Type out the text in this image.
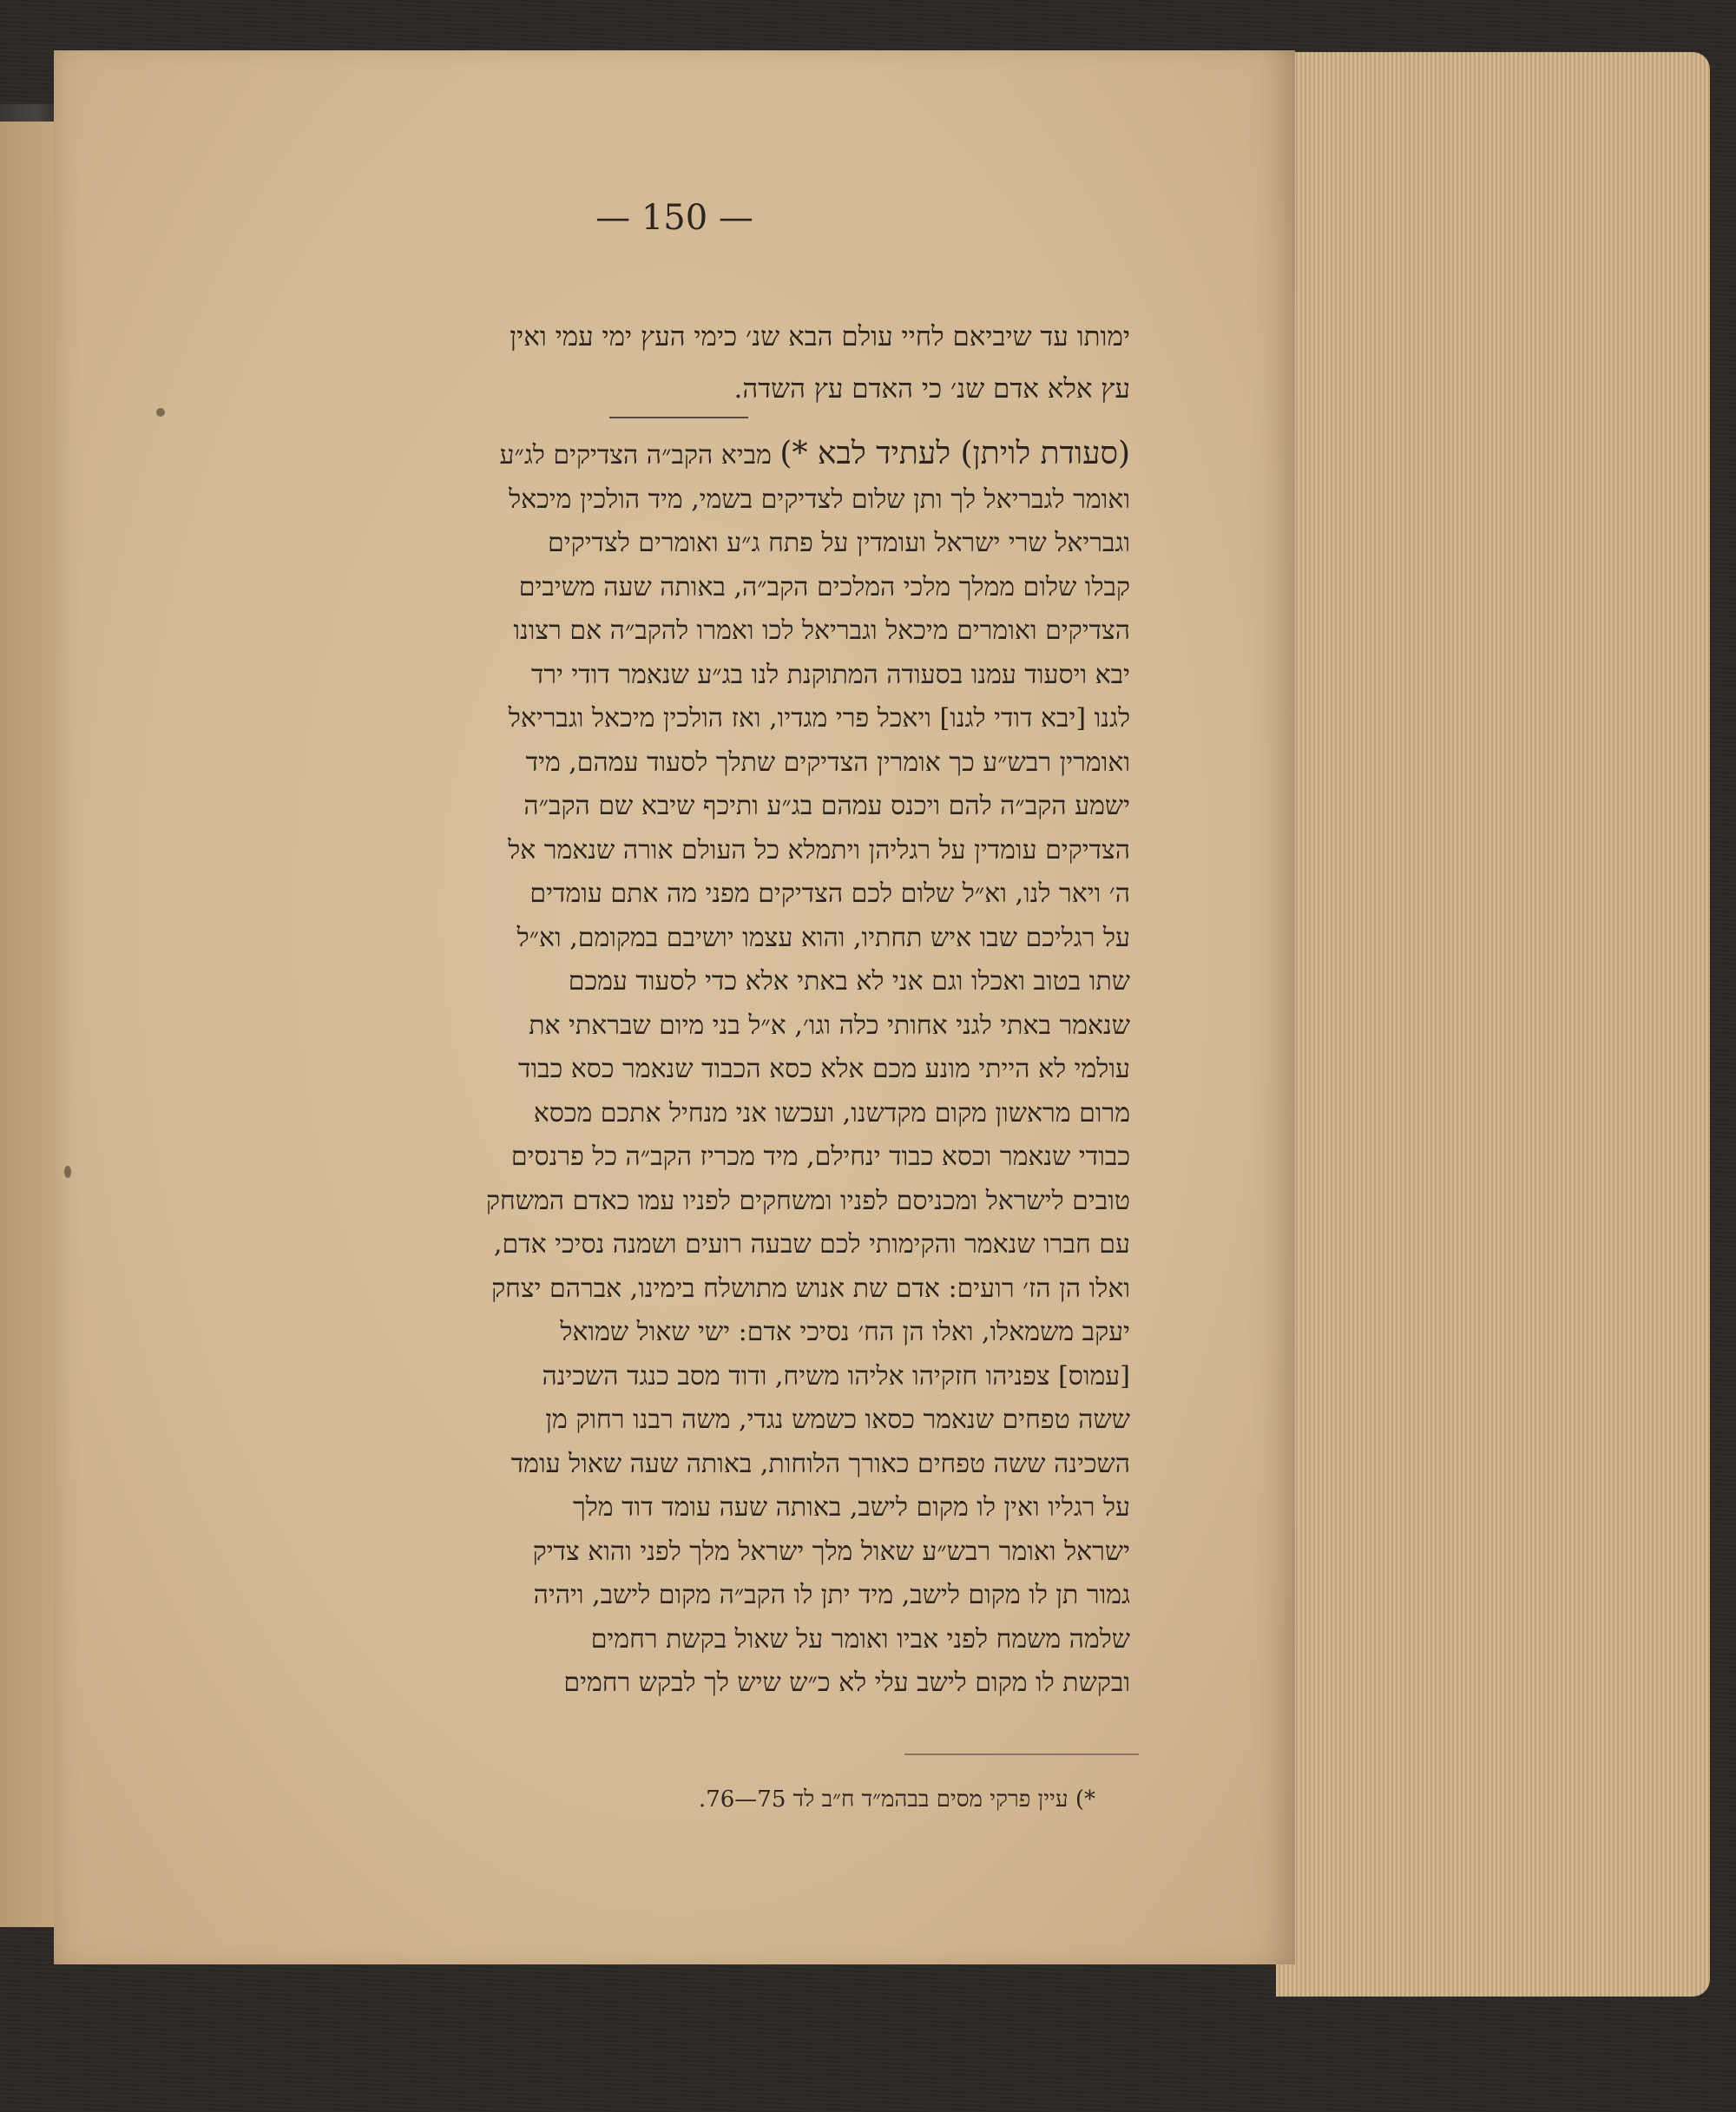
— 150 —
ימותו עד שיביאם לחיי עולם הבא שנ׳ כימי העץ ימי עמי ואין
עץ אלא אדם שנ׳ כי האדם עץ השדה.
(סעודת לויתן) לעתיד לבא *) מביא הקב״ה הצדיקים לג״ע
ואומר לגבריאל לך ותן שלום לצדיקים בשמי, מיד הולכין מיכאל
וגבריאל שרי ישראל ועומדין על פתח ג״ע ואומרים לצדיקים
קבלו שלום ממלך מלכי המלכים הקב״ה, באותה שעה משיבים
הצדיקים ואומרים מיכאל וגבריאל לכו ואמרו להקב״ה אם רצונו
יבא ויסעוד עמנו בסעודה המתוקנת לנו בג״ע שנאמר דודי ירד
לגנו [יבא דודי לגנו] ויאכל פרי מגדיו, ואז הולכין מיכאל וגבריאל
ואומרין רבש״ע כך אומרין הצדיקים שתלך לסעוד עמהם, מיד
ישמע הקב״ה להם ויכנס עמהם בג״ע ותיכף שיבא שם הקב״ה
הצדיקים עומדין על רגליהן ויתמלא כל העולם אורה שנאמר אל
ה׳ ויאר לנו, וא״ל שלום לכם הצדיקים מפני מה אתם עומדים
על רגליכם שבו איש תחתיו, והוא עצמו יושיבם במקומם, וא״ל
שתו בטוב ואכלו וגם אני לא באתי אלא כדי לסעוד עמכם
שנאמר באתי לגני אחותי כלה וגו׳, א״ל בני מיום שבראתי את
עולמי לא הייתי מונע מכם אלא כסא הכבוד שנאמר כסא כבוד
מרום מראשון מקום מקדשנו, ועכשו אני מנחיל אתכם מכסא
כבודי שנאמר וכסא כבוד ינחילם, מיד מכריז הקב״ה כל פרנסים
טובים לישראל ומכניסם לפניו ומשחקים לפניו עמו כאדם המשחק
עם חברו שנאמר והקימותי לכם שבעה רועים ושמנה נסיכי אדם,
ואלו הן הז׳ רועים: אדם שת אנוש מתושלח בימינו, אברהם יצחק
יעקב משמאלו, ואלו הן הח׳ נסיכי אדם: ישי שאול שמואל
[עמוס] צפניהו חזקיהו אליהו משיח, ודוד מסב כנגד השכינה
ששה טפחים שנאמר כסאו כשמש נגדי, משה רבנו רחוק מן
השכינה ששה טפחים כאורך הלוחות, באותה שעה שאול עומד
על רגליו ואין לו מקום לישב, באותה שעה עומד דוד מלך
ישראל ואומר רבש״ע שאול מלך ישראל מלך לפני והוא צדיק
גמור תן לו מקום לישב, מיד יתן לו הקב״ה מקום לישב, ויהיה
שלמה משמח לפני אביו ואומר על שאול בקשת רחמים
ובקשת לו מקום לישב עלי לא כ״ש שיש לך לבקש רחמים
*) עיין פרקי מסים בבהמ״ד ח״ב לד 75—76.
